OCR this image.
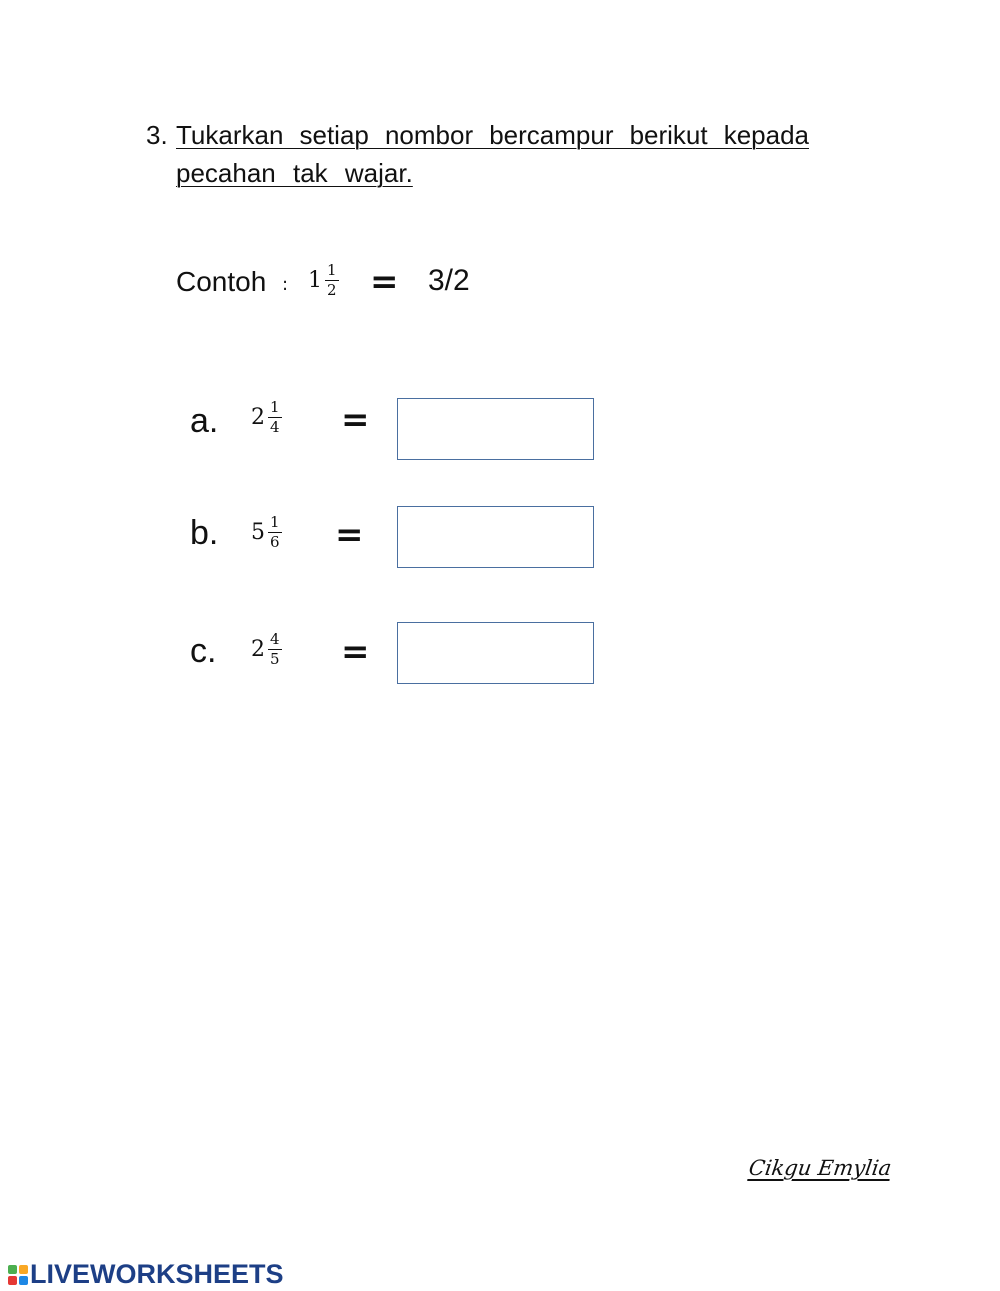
3. Tukarkan setiap nombor bercampur berikut kepada
pecahan tak wajar.
Contoh : $1 \frac{1}{2} = 3/2$
a. $2 \frac{1}{4}$ =
b. $5 \frac{1}{6}$ =
c. $2 \frac{4}{5}$ =
Cikgu Emylia
LIVEWORKSHEETS
